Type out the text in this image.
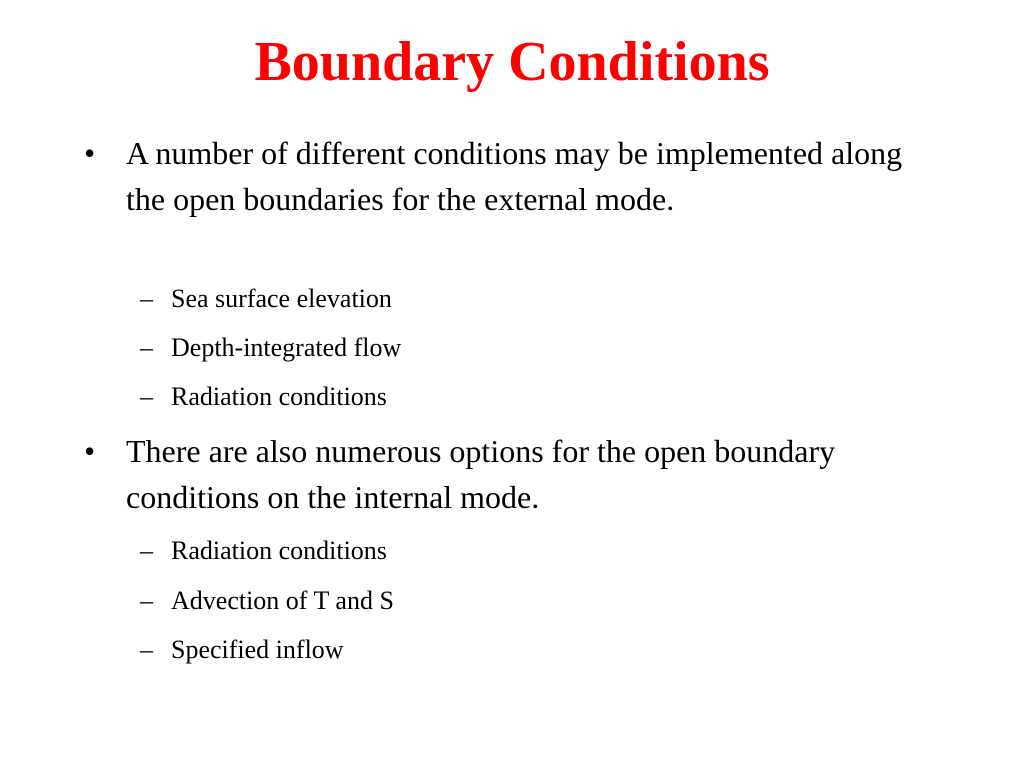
Boundary Conditions
• A number of different conditions may be implemented along the open boundaries for the external mode.
– Sea surface elevation
– Depth-integrated flow
– Radiation conditions
• There are also numerous options for the open boundary conditions on the internal mode.
– Radiation conditions
– Advection of T and S
– Specified inflow
